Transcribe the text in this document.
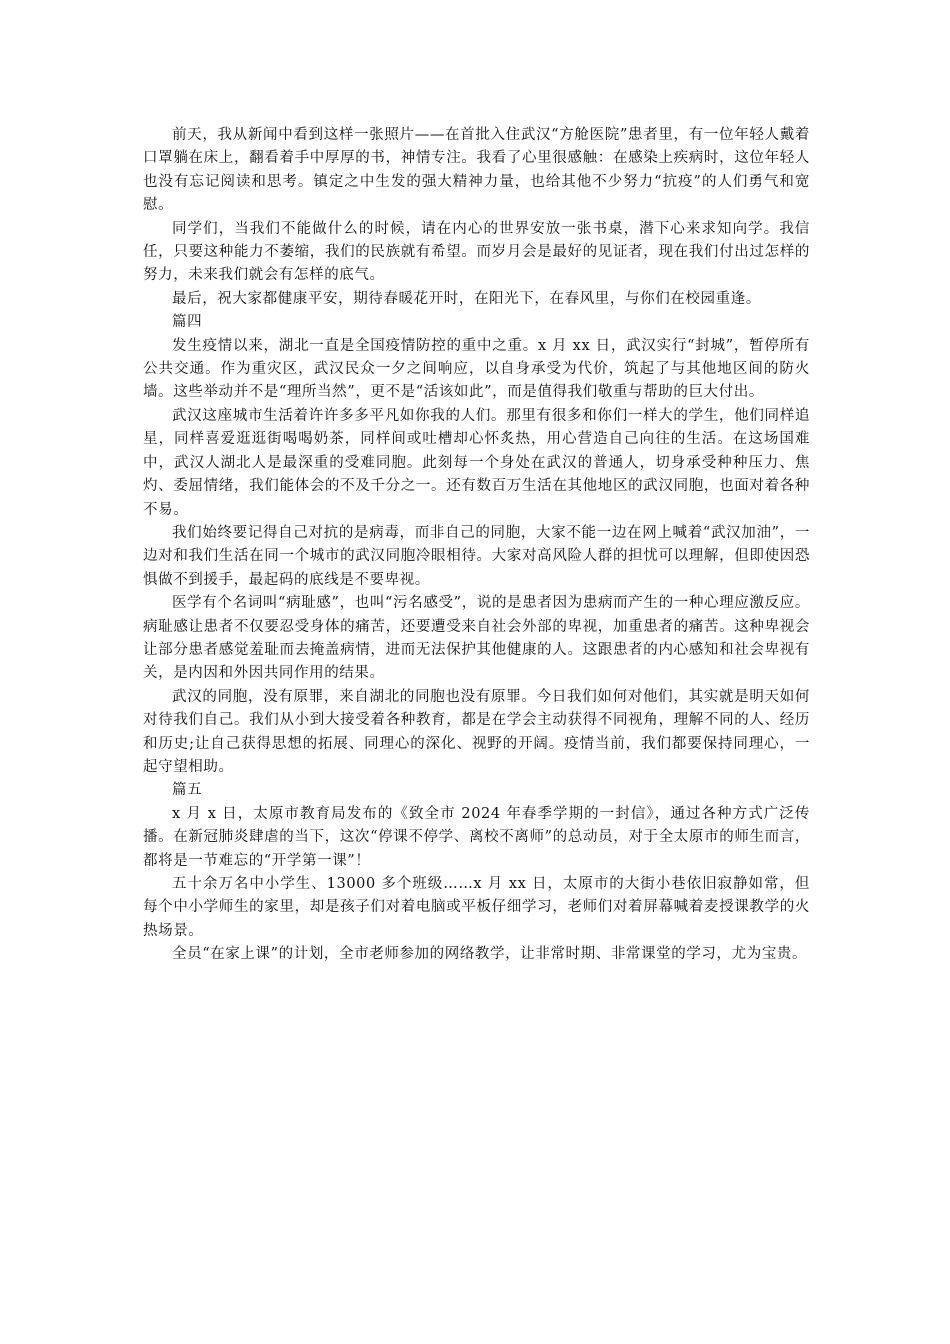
前天，我从新闻中看到这样一张照片——在首批入住武汉“方舱医院”患者里，有一位年轻人戴着口罩躺在床上，翻看着手中厚厚的书，神情专注。我看了心里很感触：在感染上疾病时，这位年轻人也没有忘记阅读和思考。镇定之中生发的强大精神力量，也给其他不少努力“抗疫”的人们勇气和宽慰。

同学们，当我们不能做什么的时候，请在内心的世界安放一张书桌，潜下心来求知向学。我信任，只要这种能力不萎缩，我们的民族就有希望。而岁月会是最好的见证者，现在我们付出过怎样的努力，未来我们就会有怎样的底气。

最后，祝大家都健康平安，期待春暖花开时，在阳光下，在春风里，与你们在校园重逢。

篇四

发生疫情以来，湖北一直是全国疫情防控的重中之重。x 月 xx 日，武汉实行“封城”，暂停所有公共交通。作为重灾区，武汉民众一夕之间响应，以自身承受为代价，筑起了与其他地区间的防火墙。这些举动并不是“理所当然”，更不是“活该如此”，而是值得我们敬重与帮助的巨大付出。

武汉这座城市生活着许许多多平凡如你我的人们。那里有很多和你们一样大的学生，他们同样追星，同样喜爱逛逛街喝喝奶茶，同样间或吐槽却心怀炙热，用心营造自己向往的生活。在这场国难中，武汉人湖北人是最深重的受难同胞。此刻每一个身处在武汉的普通人，切身承受种种压力、焦灼、委屈情绪，我们能体会的不及千分之一。还有数百万生活在其他地区的武汉同胞，也面对着各种不易。

我们始终要记得自己对抗的是病毒，而非自己的同胞，大家不能一边在网上喊着“武汉加油”，一边对和我们生活在同一个城市的武汉同胞冷眼相待。大家对高风险人群的担忧可以理解，但即使因恐惧做不到援手，最起码的底线是不要卑视。

医学有个名词叫“病耻感”，也叫“污名感受”，说的是患者因为患病而产生的一种心理应激反应。病耻感让患者不仅要忍受身体的痛苦，还要遭受来自社会外部的卑视，加重患者的痛苦。这种卑视会让部分患者感觉羞耻而去掩盖病情，进而无法保护其他健康的人。这跟患者的内心感知和社会卑视有关，是内因和外因共同作用的结果。

武汉的同胞，没有原罪，来自湖北的同胞也没有原罪。今日我们如何对他们，其实就是明天如何对待我们自己。我们从小到大接受着各种教育，都是在学会主动获得不同视角，理解不同的人、经历和历史;让自己获得思想的拓展、同理心的深化、视野的开阔。疫情当前，我们都要保持同理心，一起守望相助。

篇五

x 月 x 日，太原市教育局发布的《致全市 2024 年春季学期的一封信》，通过各种方式广泛传播。在新冠肺炎肆虐的当下，这次“停课不停学、离校不离师”的总动员，对于全太原市的师生而言，都将是一节难忘的“开学第一课”！

五十余万名中小学生、13000 多个班级……x 月 xx 日，太原市的大街小巷依旧寂静如常，但每个中小学师生的家里，却是孩子们对着电脑或平板仔细学习，老师们对着屏幕喊着麦授课教学的火热场景。

全员“在家上课”的计划，全市老师参加的网络教学，让非常时期、非常课堂的学习，尤为宝贵。
